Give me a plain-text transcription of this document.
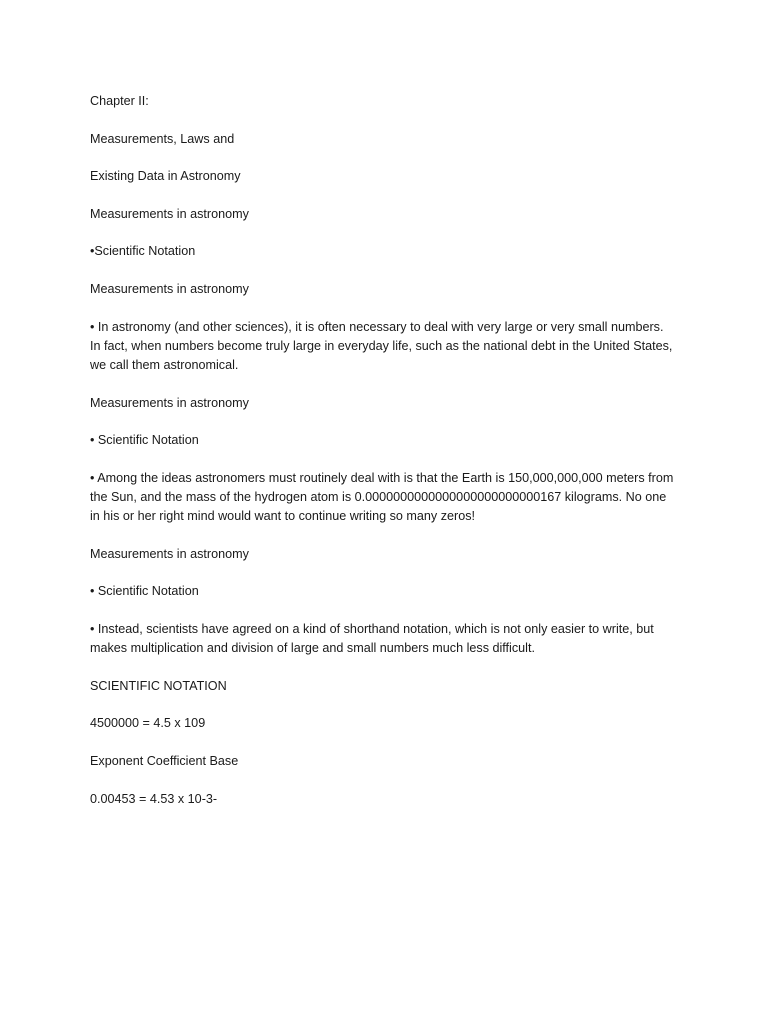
Chapter II:

Measurements, Laws and

Existing Data in Astronomy

Measurements in astronomy

•Scientific Notation

Measurements in astronomy

• In astronomy (and other sciences), it is often necessary to deal with very large or very small numbers. In fact, when numbers become truly large in everyday life, such as the national debt in the United States, we call them astronomical.

Measurements in astronomy

• Scientific Notation

• Among the ideas astronomers must routinely deal with is that the Earth is 150,000,000,000 meters from the Sun, and the mass of the hydrogen atom is 0.0000000000000000000000000167 kilograms. No one in his or her right mind would want to continue writing so many zeros!

Measurements in astronomy

• Scientific Notation

• Instead, scientists have agreed on a kind of shorthand notation, which is not only easier to write, but makes multiplication and division of large and small numbers much less difficult.

SCIENTIFIC NOTATION

4500000 = 4.5 x 109

Exponent Coefficient Base

0.00453 = 4.53 x 10-3-
